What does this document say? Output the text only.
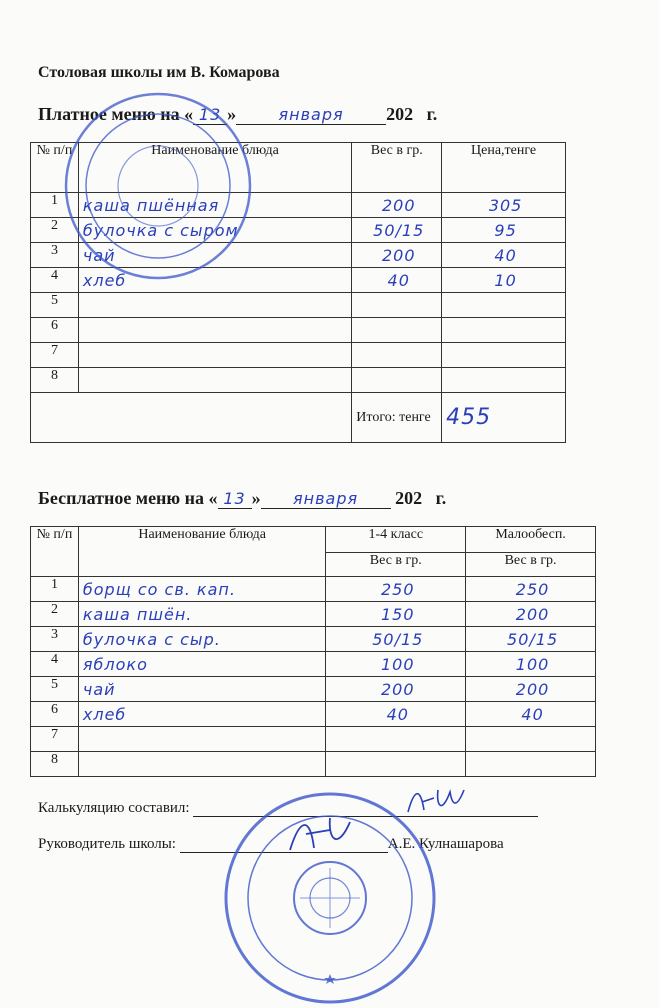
Столовая школы им В. Комарова
Платное меню на « 13 »	января 202 г.
№ п/п	Наименование блюда	Вес в гр.	Цена,тенге
1	каша пшённая	200	305
2	булочка с сыром	50/15	95
3	чай	200	40
4	хлеб	40	10
5			
6			
7			
8			
		Итого: тенге	455
Бесплатное меню на « 13 » января 202 г.
№ п/п	Наименование блюда	1-4 класс	Малообесп.
		Вес в гр.	Вес в гр.
1	борщ со св. кап.	250	250
2	каша пшён.	150	200
3	булочка с сыр.	50/15	50/15
4	яблоко	100	100
5	чай	200	200
6	хлеб	40	40
7			
8			
Калькуляцию составил:
Руководитель школы:	А.Е. Кулнашарова
